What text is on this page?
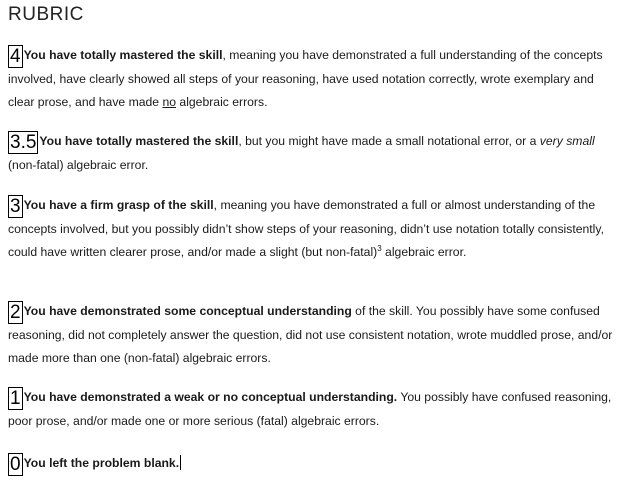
RUBRIC
4 You have totally mastered the skill, meaning you have demonstrated a full understanding of the concepts involved, have clearly showed all steps of your reasoning, have used notation correctly, wrote exemplary and clear prose, and have made no algebraic errors.
3.5 You have totally mastered the skill, but you might have made a small notational error, or a very small (non-fatal) algebraic error.
3 You have a firm grasp of the skill, meaning you have demonstrated a full or almost understanding of the concepts involved, but you possibly didn’t show steps of your reasoning, didn’t use notation totally consistently, could have written clearer prose, and/or made a slight (but non-fatal)$^3$ algebraic error.
2 You have demonstrated some conceptual understanding of the skill. You possibly have some confused reasoning, did not completely answer the question, did not use consistent notation, wrote muddled prose, and/or made more than one (non-fatal) algebraic errors.
1 You have demonstrated a weak or no conceptual understanding. You possibly have confused reasoning, poor prose, and/or made one or more serious (fatal) algebraic errors.
0 You left the problem blank.
